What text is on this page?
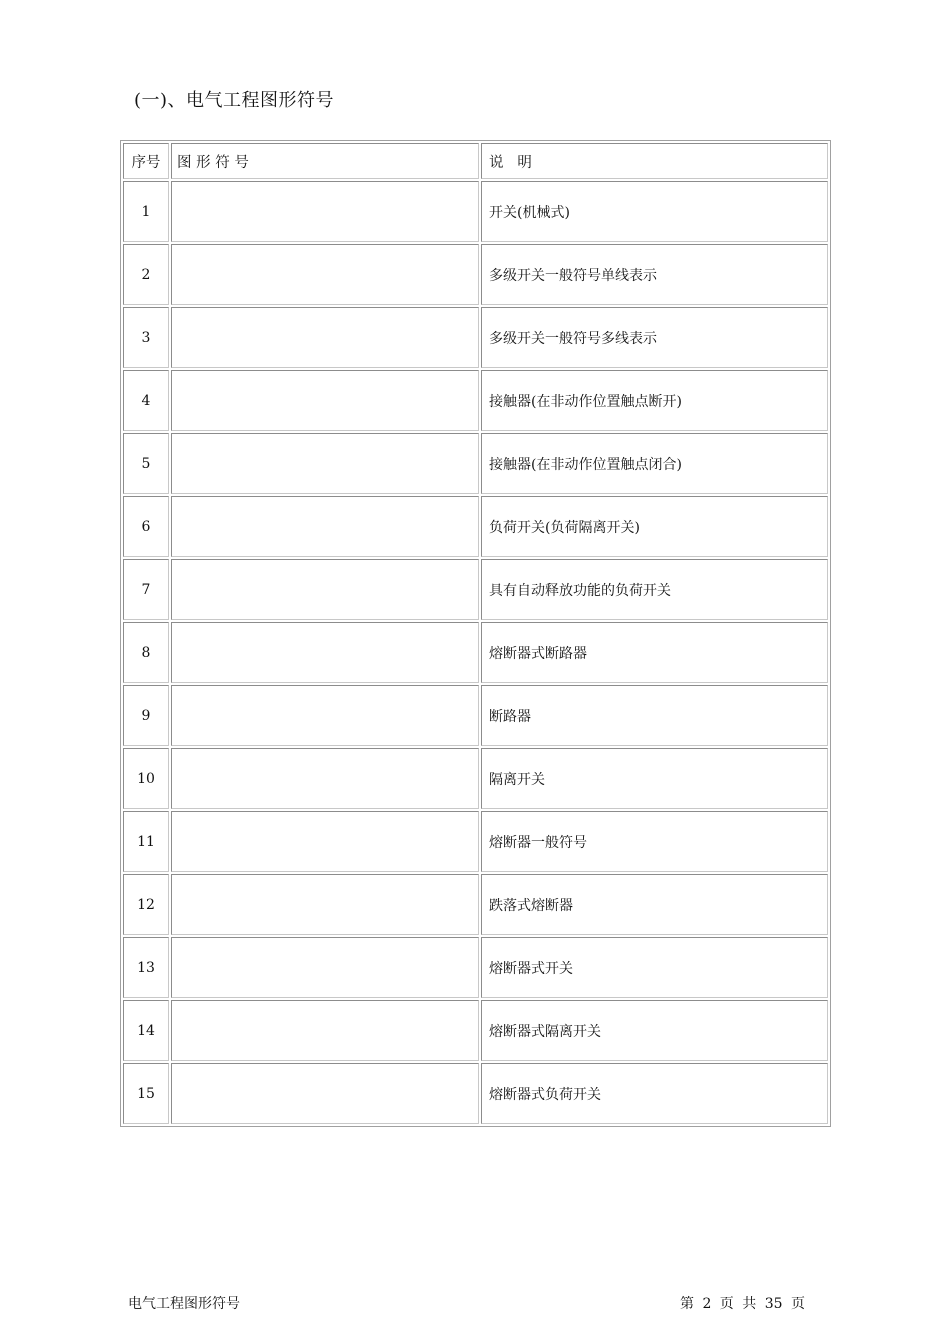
(一)、电气工程图形符号
序号	图 形 符 号	说   明
1		开关(机械式)
2		多级开关一般符号单线表示
3		多级开关一般符号多线表示
4		接触器(在非动作位置触点断开)
5		接触器(在非动作位置触点闭合)
6		负荷开关(负荷隔离开关)
7		具有自动释放功能的负荷开关
8		熔断器式断路器
9		断路器
10		隔离开关
11		熔断器一般符号
12		跌落式熔断器
13		熔断器式开关
14		熔断器式隔离开关
15		熔断器式负荷开关
电气工程图形符号	第 2 页 共 35 页
